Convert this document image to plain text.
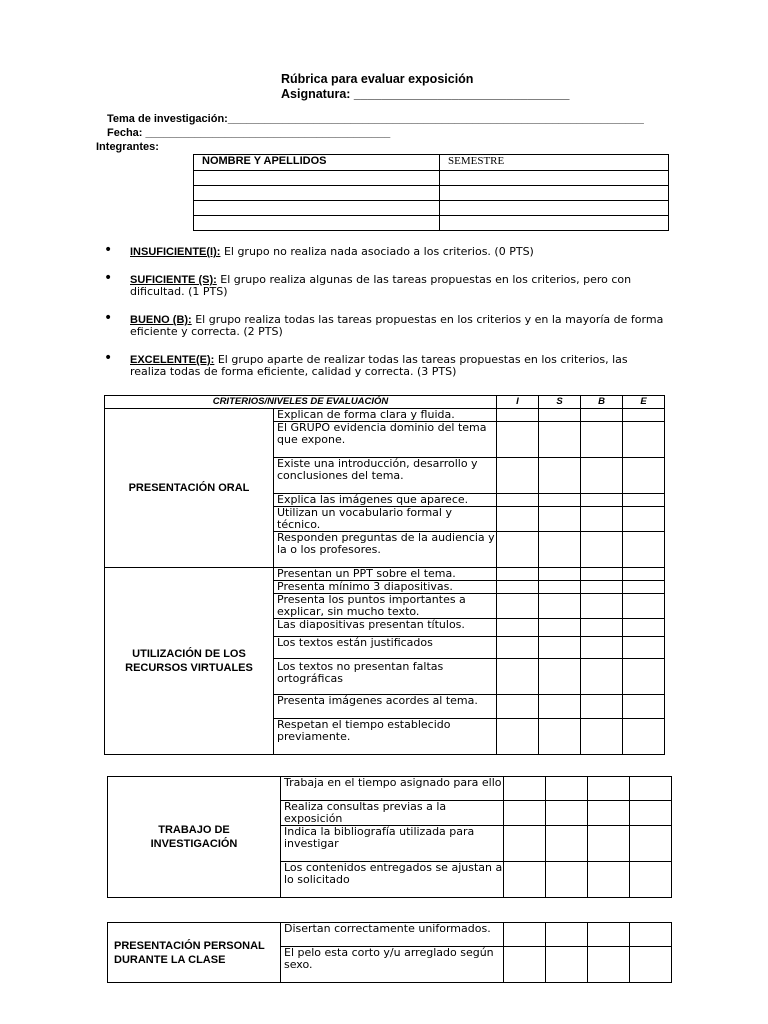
Rúbrica para evaluar exposición
Asignatura: _______________________________
Tema de investigación:____________________________________________________________________
Fecha: ________________________________________
Integrantes:
NOMBRE Y APELLIDOS	SEMESTRE

• INSUFICIENTE(I): El grupo no realiza nada asociado a los criterios. (0 PTS)
• SUFICIENTE (S): El grupo realiza algunas de las tareas propuestas en los criterios, pero con dificultad. (1 PTS)
• BUENO (B): El grupo realiza todas las tareas propuestas en los criterios y en la mayoría de forma eficiente y correcta. (2 PTS)
• EXCELENTE(E): El grupo aparte de realizar todas las tareas propuestas en los criterios, las realiza todas de forma eficiente, calidad y correcta. (3 PTS)
CRITERIOS/NIVELES DE EVALUACIÓN		I	S	B	E
PRESENTACIÓN ORAL	Explican de forma clara y fluida.				
	El GRUPO evidencia dominio del tema que expone.				
	Existe una introducción, desarrollo y conclusiones del tema.				
	Explica las imágenes que aparece.				
	Utilizan un vocabulario formal y técnico.				
	Responden preguntas de la audiencia y la o los profesores.				
UTILIZACIÓN DE LOS RECURSOS VIRTUALES	Presentan un PPT sobre el tema.				
	Presenta mínimo 3 diapositivas.				
	Presenta los puntos importantes a explicar, sin mucho texto.				
	Las diapositivas presentan títulos.				
	Los textos están justificados				
	Los textos no presentan faltas ortográficas				
	Presenta imágenes acordes al tema.				
	Respetan el tiempo establecido previamente.				
TRABAJO DE INVESTIGACIÓN	Trabaja en el tiempo asignado para ello				
	Realiza consultas previas a la exposición				
	Indica la bibliografía utilizada para investigar				
	Los contenidos entregados se ajustan a lo solicitado				
PRESENTACIÓN PERSONAL DURANTE LA CLASE	Disertan correctamente uniformados.				
	El pelo esta corto y/u arreglado según sexo.				
